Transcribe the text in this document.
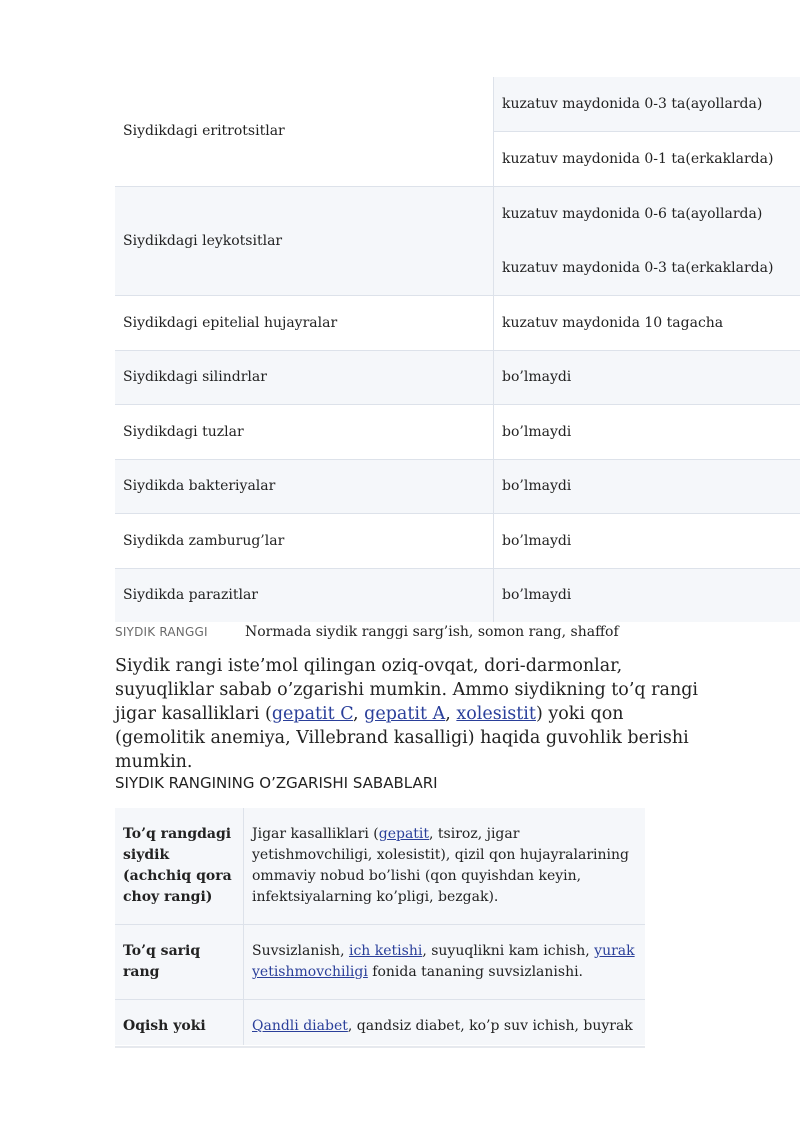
Siydikdagi eritrotsitlar	kuzatuv maydonida 0-3 ta(ayollarda)
	kuzatuv maydonida 0-1 ta(erkaklarda)
Siydikdagi leykotsitlar	kuzatuv maydonida 0-6 ta(ayollarda)
	kuzatuv maydonida 0-3 ta(erkaklarda)
Siydikdagi epitelial hujayralar	kuzatuv maydonida 10 tagacha
Siydikdagi silindrlar	bo’lmaydi
Siydikdagi tuzlar	bo’lmaydi
Siydikda bakteriyalar	bo’lmaydi
Siydikda zamburug’lar	bo’lmaydi
Siydikda parazitlar	bo’lmaydi
SIYDIK RANGGI	Normada siydik ranggi sarg’ish, somon rang, shaffof

Siydik rangi iste’mol qilingan oziq-ovqat, dori-darmonlar, suyuqliklar sabab o’zgarishi mumkin. Ammo siydikning to’q rangi jigar kasalliklari (gepatit C, gepatit A, xolesistit) yoki qon (gemolitik anemiya, Villebrand kasalligi) haqida guvohlik berishi mumkin.

SIYDIK RANGINING O’ZGARISHI SABABLARI
To’q rangdagi siydik (achchiq qora choy rangi)	Jigar kasalliklari (gepatit, tsiroz, jigar yetishmovchiligi, xolesistit), qizil qon hujayralarining ommaviy nobud bo’lishi (qon quyishdan keyin, infektsiyalarning ko’pligi, bezgak).
To’q sariq rang	Suvsizlanish, ich ketishi, suyuqlikni kam ichish, yurak yetishmovchiligi fonida tananing suvsizlanishi.
Oqish yoki	Qandli diabet, qandsiz diabet, ko’p suv ichish, buyrak
